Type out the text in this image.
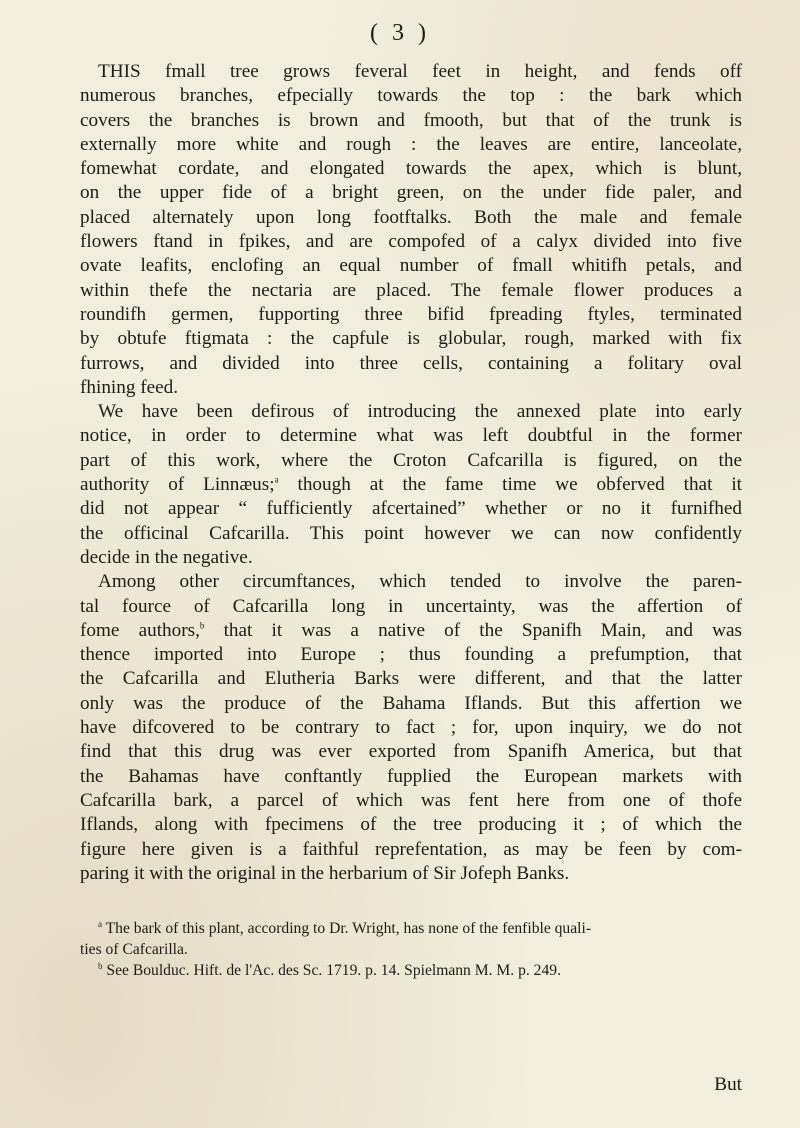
( 3 )
THIS fmall tree grows feveral feet in height, and fends off
numerous branches, efpecially towards the top : the bark which
covers the branches is brown and fmooth, but that of the trunk is
externally more white and rough : the leaves are entire, lanceolate,
fomewhat cordate, and elongated towards the apex, which is blunt,
on the upper fide of a bright green, on the under fide paler, and
placed alternately upon long footftalks. Both the male and female
flowers ftand in fpikes, and are compofed of a calyx divided into five
ovate leafits, enclofing an equal number of fmall whitifh petals, and
within thefe the nectaria are placed. The female flower produces a
roundifh germen, fupporting three bifid fpreading ftyles, terminated
by obtufe ftigmata : the capfule is globular, rough, marked with fix
furrows, and divided into three cells, containing a folitary oval
fhining feed.
We have been defirous of introducing the annexed plate into early
notice, in order to determine what was left doubtful in the former
part of this work, where the Croton Cafcarilla is figured, on the
authority of Linnæus;$^a$ though at the fame time we obferved that it
did not appear “ fufficiently afcertained” whether or no it furnifhed
the officinal Cafcarilla. This point however we can now confidently
decide in the negative.
Among other circumftances, which tended to involve the paren-
tal fource of Cafcarilla long in uncertainty, was the affertion of
fome authors,$^b$ that it was a native of the Spanifh Main, and was
thence imported into Europe ; thus founding a prefumption, that
the Cafcarilla and Elutheria Barks were different, and that the latter
only was the produce of the Bahama Iflands. But this affertion we
have difcovered to be contrary to fact ; for, upon inquiry, we do not
find that this drug was ever exported from Spanifh America, but that
the Bahamas have conftantly fupplied the European markets with
Cafcarilla bark, a parcel of which was fent here from one of thofe
Iflands, along with fpecimens of the tree producing it ; of which the
figure here given is a faithful reprefentation, as may be feen by com-
paring it with the original in the herbarium of Sir Jofeph Banks.
$^a$ The bark of this plant, according to Dr. Wright, has none of the fenfible quali-
ties of Cafcarilla.
$^b$ See Boulduc. Hift. de l'Ac. des Sc. 1719. p. 14. Spielmann M. M. p. 249.
But
